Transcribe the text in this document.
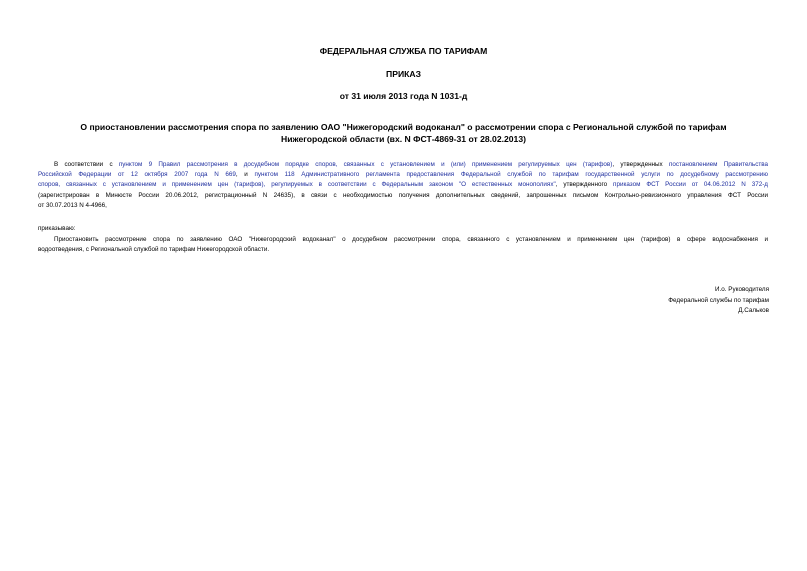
ФЕДЕРАЛЬНАЯ СЛУЖБА ПО ТАРИФАМ
ПРИКАЗ
от 31 июля 2013 года N 1031-д
О приостановлении рассмотрения спора по заявлению ОАО "Нижегородский водоканал" о рассмотрении спора с Региональной службой по тарифам
Нижегородской области (вх. N ФСТ-4869-31 от 28.02.2013)
В соответствии с пунктом 9 Правил рассмотрения в досудебном порядке споров, связанных с установлением и (или) применением регулируемых цен (тарифов), утвержденных постановлением Правительства
Российской Федерации от 12 октября 2007 года N 669, и пунктом 118 Административного регламента предоставления Федеральной службой по тарифам государственной услуги по досудебному рассмотрению
споров, связанных с установлением и применением цен (тарифов), регулируемых в соответствии с Федеральным законом "О естественных монополиях", утвержденного приказом ФСТ России от 04.06.2012 N 372-д
(зарегистрирован в Минюсте России 20.06.2012, регистрационный N 24635), в связи с необходимостью получения дополнительных сведений, запрошенных письмом Контрольно-ревизионного управления ФСТ России
от 30.07.2013 N 4-4966,
приказываю:
Приостановить рассмотрение спора по заявлению ОАО "Нижегородский водоканал" о досудебном рассмотрении спора, связанного с установлением и применением цен (тарифов) в сфере водоснабжения и
водоотведения, с Региональной службой по тарифам Нижегородской области.
И.о. Руководителя
Федеральной службы по тарифам
Д.Сальков
